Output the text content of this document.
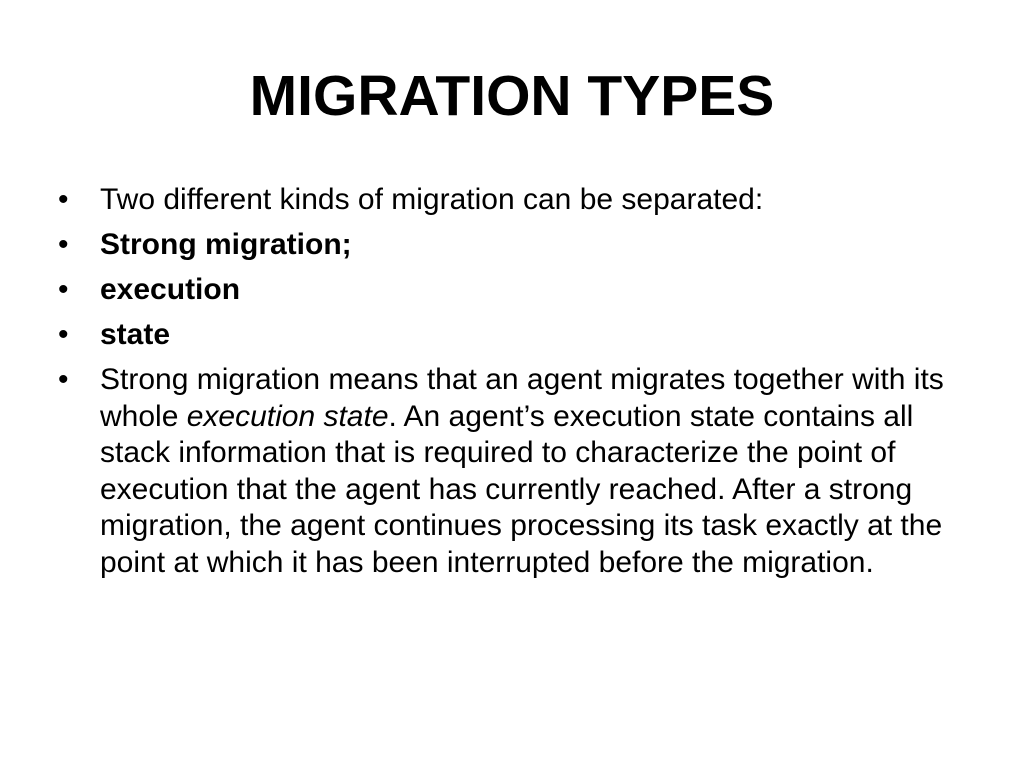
MIGRATION TYPES
•	Two different kinds of migration can be separated:
•	Strong migration;
•	execution
•	state
•	Strong migration means that an agent migrates together with its whole execution state. An agent’s execution state contains all stack information that is required to characterize the point of execution that the agent has currently reached. After a strong migration, the agent continues processing its task exactly at the point at which it has been interrupted before the migration.
